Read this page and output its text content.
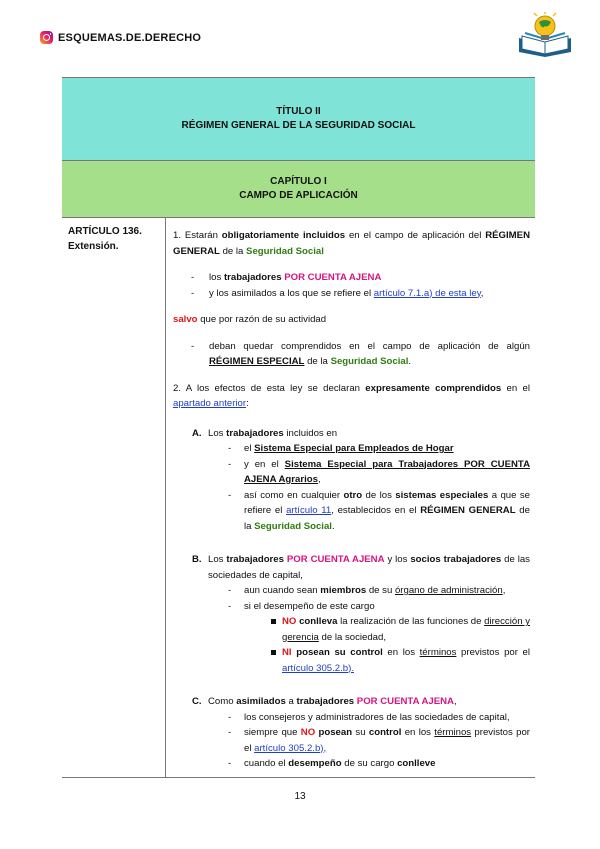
ESQUEMAS.DE.DERECHO
TÍTULO II
RÉGIMEN GENERAL DE LA SEGURIDAD SOCIAL

CAPÍTULO I
CAMPO DE APLICACIÓN

ARTÍCULO 136.
Extensión.

1. Estarán obligatoriamente incluidos en el campo de aplicación del RÉGIMEN GENERAL de la Seguridad Social

- los trabajadores POR CUENTA AJENA

- y los asimilados a los que se refiere el artículo 7.1.a) de esta ley,

salvo que por razón de su actividad

- deban quedar comprendidos en el campo de aplicación de algún RÉGIMEN ESPECIAL de la Seguridad Social.

2. A los efectos de esta ley se declaran expresamente comprendidos en el apartado anterior:

A. Los trabajadores incluidos en

- el Sistema Especial para Empleados de Hogar

- y en el Sistema Especial para Trabajadores POR CUENTA AJENA Agrarios,

- así como en cualquier otro de los sistemas especiales a que se refiere el artículo 11, establecidos en el RÉGIMEN GENERAL de la Seguridad Social.

B. Los trabajadores POR CUENTA AJENA y los socios trabajadores de las sociedades de capital,

- aun cuando sean miembros de su órgano de administración,

- si el desempeño de este cargo

NO conlleva la realización de las funciones de dirección y gerencia de la sociedad,

NI posean su control en los términos previstos por el artículo 305.2.b).

C. Como asimilados a trabajadores POR CUENTA AJENA,

- los consejeros y administradores de las sociedades de capital,

- siempre que NO posean su control en los términos previstos por el artículo 305.2.b),

- cuando el desempeño de su cargo conlleve

13
